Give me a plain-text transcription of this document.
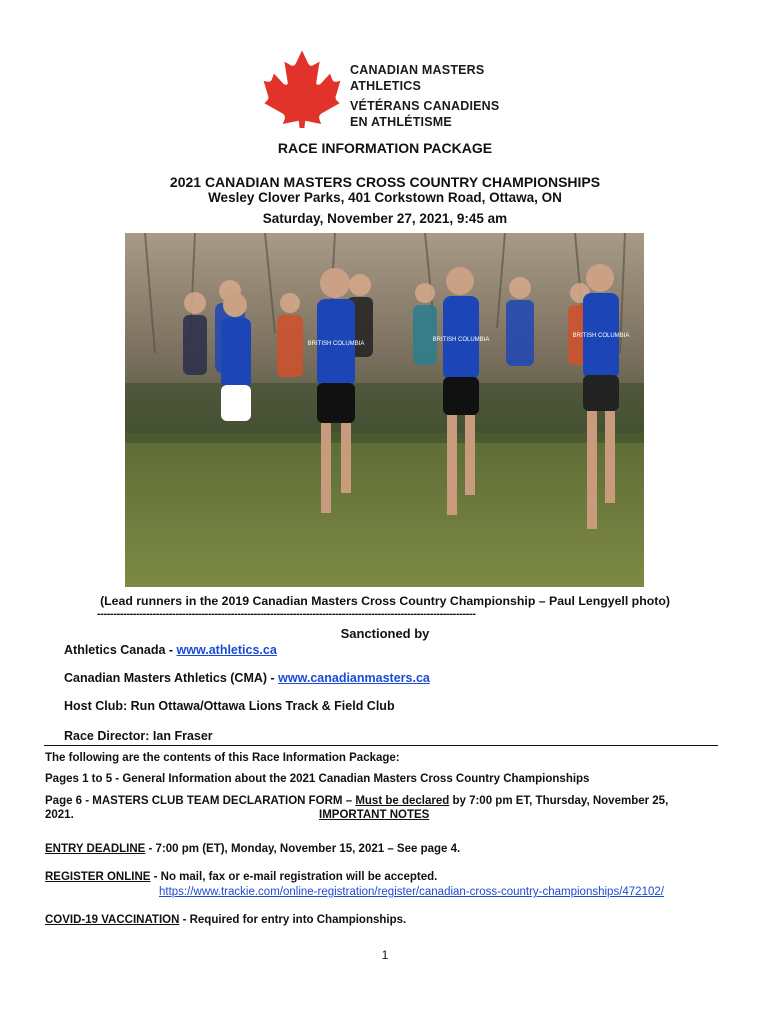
CANADIAN MASTERS
ATHLETICS
VÉTÉRANS CANADIENS
EN ATHLÉTISME
RACE INFORMATION PACKAGE
2021 CANADIAN MASTERS CROSS COUNTRY CHAMPIONSHIPS
Wesley Clover Parks, 401 Corkstown Road, Ottawa, ON
Saturday, November 27, 2021, 9:45 am
BRITISH COLUMBIA
BRITISH COLUMBIA
BRITISH COLUMBIA
(Lead runners in the 2019 Canadian Masters Cross Country Championship – Paul Lengyell photo)
--------------------------------------------------------------------------------------------------------------------
Sanctioned by
Athletics Canada - www.athletics.ca
Canadian Masters Athletics (CMA) - www.canadianmasters.ca
Host Club: Run Ottawa/Ottawa Lions Track & Field Club
Race Director: Ian Fraser
The following are the contents of this Race Information Package:
Pages 1 to 5 - General Information about the 2021 Canadian Masters Cross Country Championships
Page 6 - MASTERS CLUB TEAM DECLARATION FORM – Must be declared by 7:00 pm ET, Thursday, November 25,
2021.	IMPORTANT NOTES
ENTRY DEADLINE - 7:00 pm (ET), Monday, November 15, 2021 – See page 4.
REGISTER ONLINE - No mail, fax or e-mail registration will be accepted.
https://www.trackie.com/online-registration/register/canadian-cross-country-championships/472102/
COVID-19 VACCINATION - Required for entry into Championships.
1
